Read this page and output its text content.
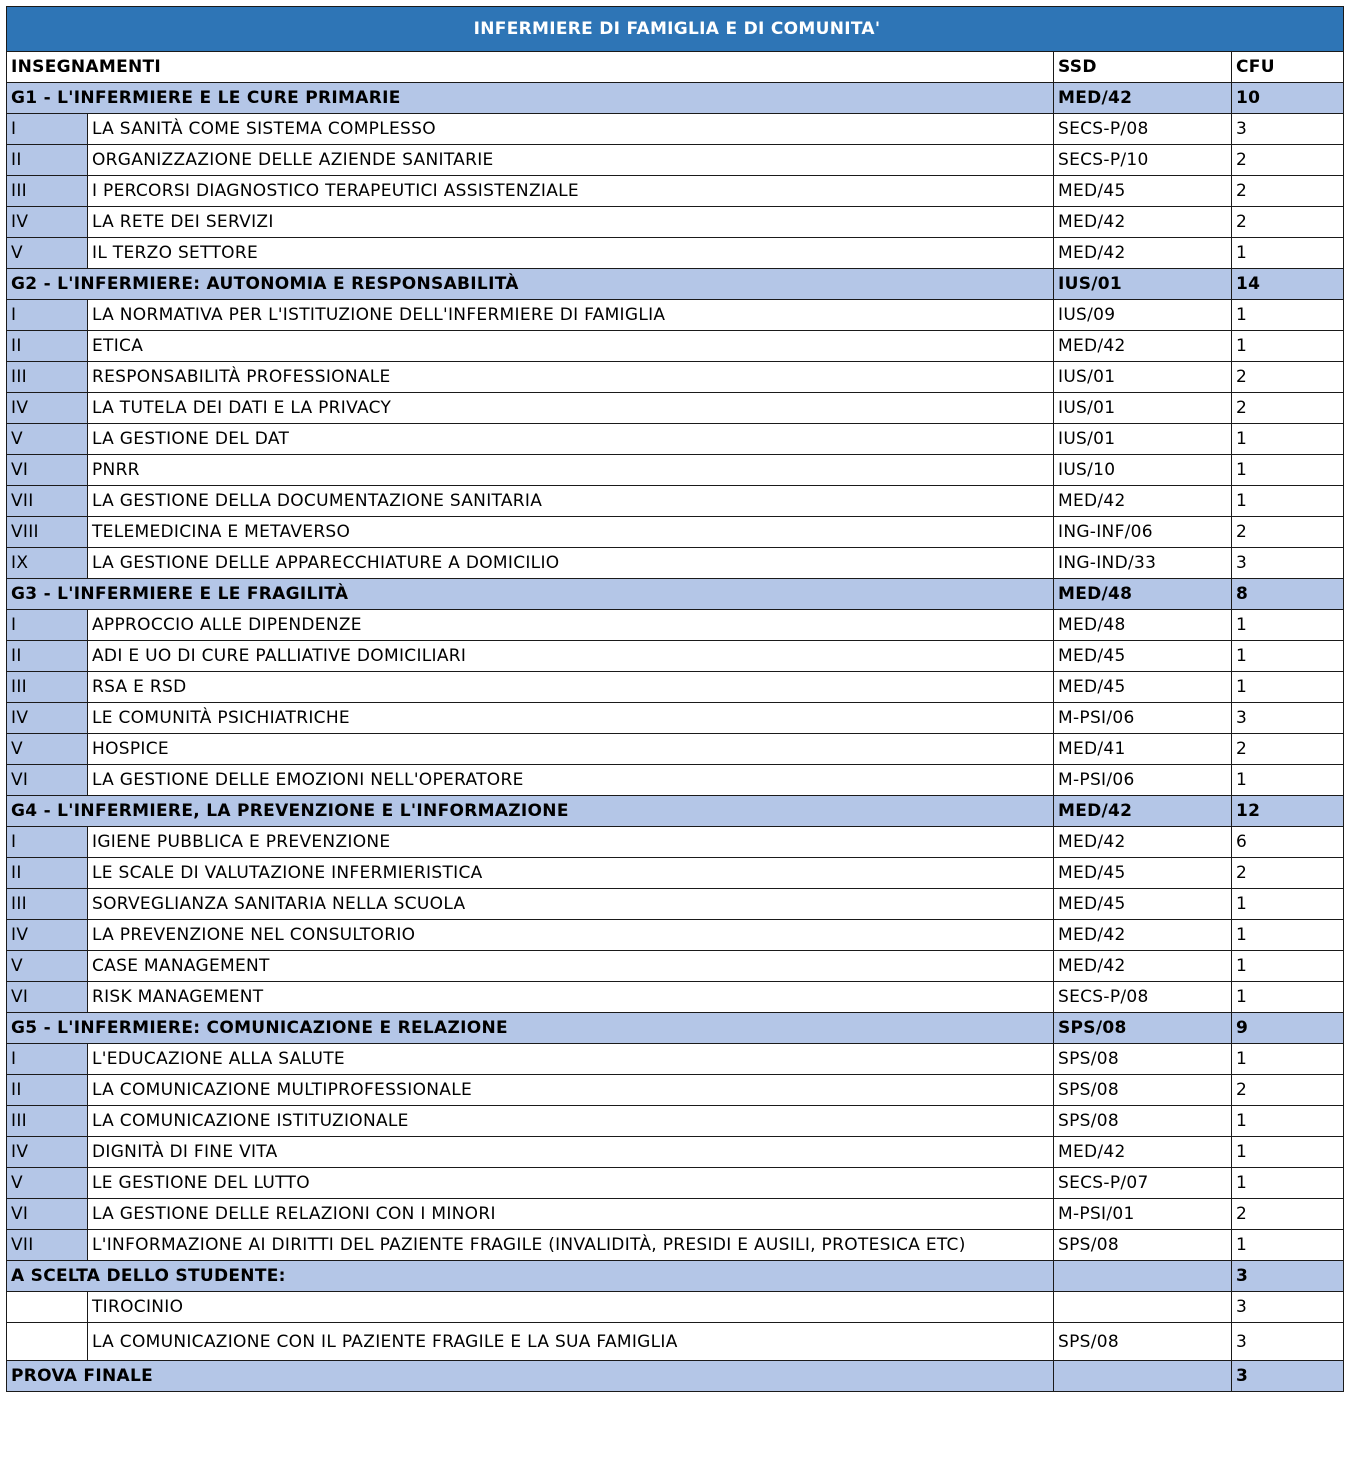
INFERMIERE DI FAMIGLIA E DI COMUNITA'			
INSEGNAMENTI		SSD	CFU
G1 - L'INFERMIERE E LE CURE PRIMARIE		MED/42	10
I	LA SANITÀ COME SISTEMA COMPLESSO	SECS-P/08	3
II	ORGANIZZAZIONE DELLE AZIENDE SANITARIE	SECS-P/10	2
III	I PERCORSI DIAGNOSTICO TERAPEUTICI ASSISTENZIALE	MED/45	2
IV	LA RETE DEI SERVIZI	MED/42	2
V	IL TERZO SETTORE	MED/42	1
G2 - L'INFERMIERE: AUTONOMIA E RESPONSABILITÀ		IUS/01	14
I	LA NORMATIVA PER L'ISTITUZIONE DELL'INFERMIERE DI FAMIGLIA	IUS/09	1
II	ETICA	MED/42	1
III	RESPONSABILITÀ PROFESSIONALE	IUS/01	2
IV	LA TUTELA DEI DATI E LA PRIVACY	IUS/01	2
V	LA GESTIONE DEL DAT	IUS/01	1
VI	PNRR	IUS/10	1
VII	LA GESTIONE DELLA DOCUMENTAZIONE SANITARIA	MED/42	1
VIII	TELEMEDICINA E METAVERSO	ING-INF/06	2
IX	LA GESTIONE DELLE APPARECCHIATURE A DOMICILIO	ING-IND/33	3
G3 - L'INFERMIERE E LE FRAGILITÀ		MED/48	8
I	APPROCCIO ALLE DIPENDENZE	MED/48	1
II	ADI E UO DI CURE PALLIATIVE DOMICILIARI	MED/45	1
III	RSA E RSD	MED/45	1
IV	LE COMUNITÀ PSICHIATRICHE	M-PSI/06	3
V	HOSPICE	MED/41	2
VI	LA GESTIONE DELLE EMOZIONI NELL'OPERATORE	M-PSI/06	1
G4 - L'INFERMIERE, LA PREVENZIONE E L'INFORMAZIONE		MED/42	12
I	IGIENE PUBBLICA E PREVENZIONE	MED/42	6
II	LE SCALE DI VALUTAZIONE INFERMIERISTICA	MED/45	2
III	SORVEGLIANZA SANITARIA NELLA SCUOLA	MED/45	1
IV	LA PREVENZIONE NEL CONSULTORIO	MED/42	1
V	CASE MANAGEMENT	MED/42	1
VI	RISK MANAGEMENT	SECS-P/08	1
G5 - L'INFERMIERE: COMUNICAZIONE E RELAZIONE		SPS/08	9
I	L'EDUCAZIONE ALLA SALUTE	SPS/08	1
II	LA COMUNICAZIONE MULTIPROFESSIONALE	SPS/08	2
III	LA COMUNICAZIONE ISTITUZIONALE	SPS/08	1
IV	DIGNITÀ DI FINE VITA	MED/42	1
V	LE GESTIONE DEL LUTTO	SECS-P/07	1
VI	LA GESTIONE DELLE RELAZIONI CON I MINORI	M-PSI/01	2
VII	L'INFORMAZIONE AI DIRITTI DEL PAZIENTE FRAGILE (INVALIDITÀ, PRESIDI E AUSILI, PROTESICA ETC)	SPS/08	1
A SCELTA DELLO STUDENTE:			3
	TIROCINIO		3
	LA COMUNICAZIONE CON IL PAZIENTE FRAGILE E LA SUA FAMIGLIA	SPS/08	3
PROVA FINALE			3
